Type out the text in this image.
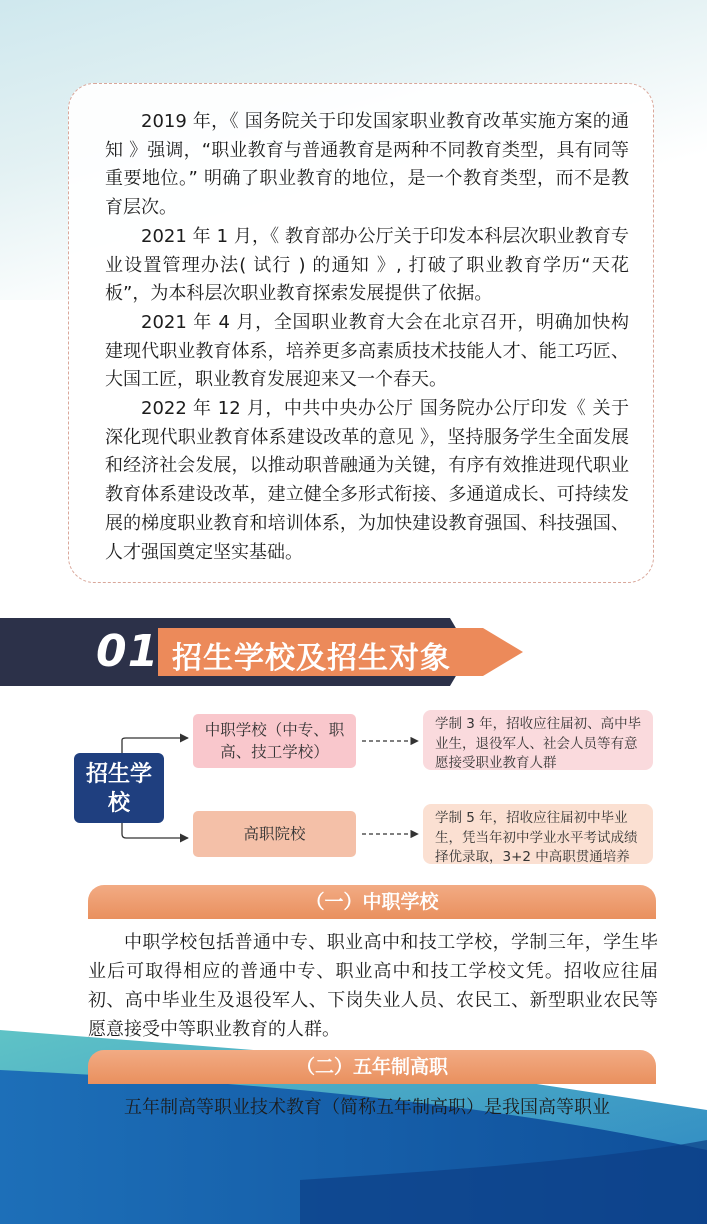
2019 年，《 国务院关于印发国家职业教育改革实施方案的通知 》强调，“职业教育与普通教育是两种不同教育类型，具有同等重要地位。” 明确了职业教育的地位，是一个教育类型，而不是教育层次。

2021 年 1 月，《 教育部办公厅关于印发本科层次职业教育专业设置管理办法( 试行 ) 的通知 》, 打破了职业教育学历“天花板”，为本科层次职业教育探索发展提供了依据。

2021 年 4 月，全国职业教育大会在北京召开，明确加快构建现代职业教育体系，培养更多高素质技术技能人才、能工巧匠、大国工匠，职业教育发展迎来又一个春天。

2022 年 12 月，中共中央办公厅 国务院办公厅印发《 关于深化现代职业教育体系建设改革的意见 》，坚持服务学生全面发展和经济社会发展，以推动职普融通为关键，有序有效推进现代职业教育体系建设改革，建立健全多形式衔接、多通道成长、可持续发展的梯度职业教育和培训体系，为加快建设教育强国、科技强国、人才强国奠定坚实基础。

01 招生学校及招生对象
招生学校
中职学校（中专、职高、技工学校）
高职院校
学制 3 年，招收应往届初、高中毕业生，退役军人、社会人员等有意愿接受职业教育人群
学制 5 年，招收应往届初中毕业生，凭当年初中学业水平考试成绩择优录取，3+2 中高职贯通培养
（一）中职学校

中职学校包括普通中专、职业高中和技工学校，学制三年，学生毕业后可取得相应的普通中专、职业高中和技工学校文凭。招收应往届初、高中毕业生及退役军人、下岗失业人员、农民工、新型职业农民等愿意接受中等职业教育的人群。

（二）五年制高职

五年制高等职业技术教育（简称五年制高职）是我国高等职业
